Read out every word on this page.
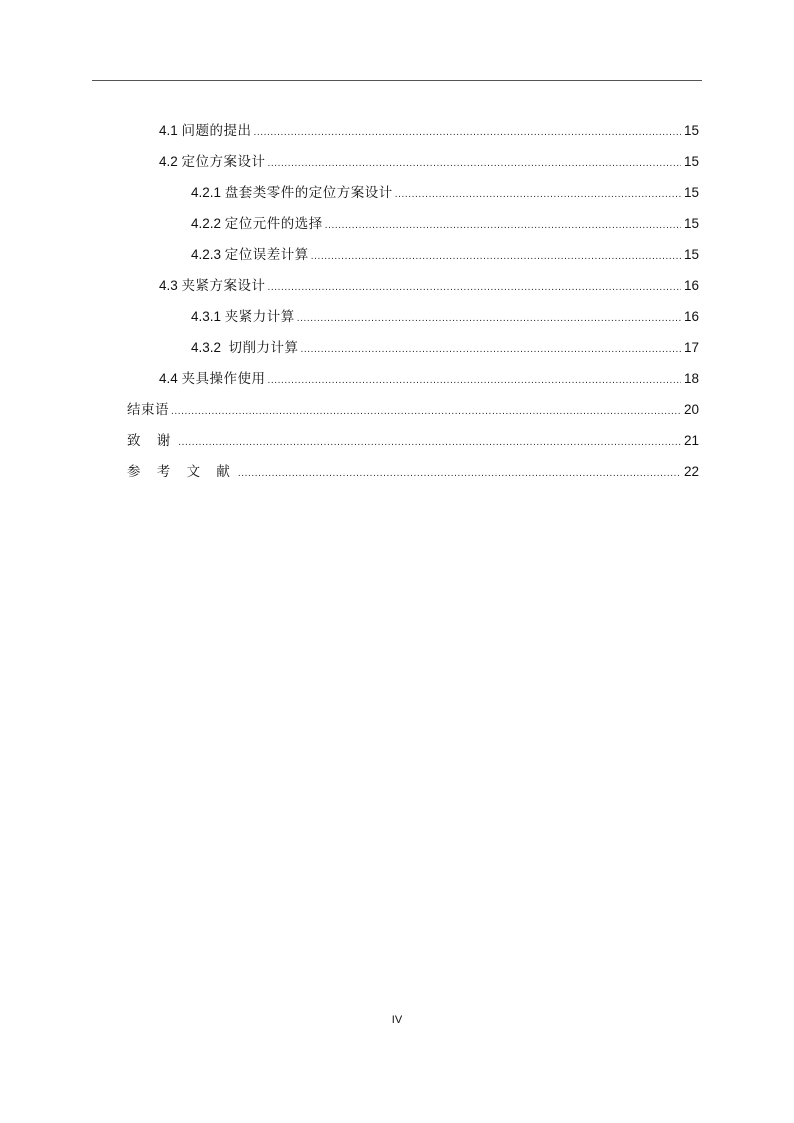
4.1 问题的提出 .....	15
4.2 定位方案设计 .....	15
4.2.1 盘套类零件的定位方案设计 .....	15
4.2.2 定位元件的选择 .....	15
4.2.3 定位误差计算 .....	15
4.3 夹紧方案设计 .....	16
4.3.1 夹紧力计算 .....	16
4.3.2 切削力计算 .....	17
4.4 夹具操作使用 .....	18
结束语 .....	20
致 谢 .....	21
参 考 文 献 .....	22
IV
